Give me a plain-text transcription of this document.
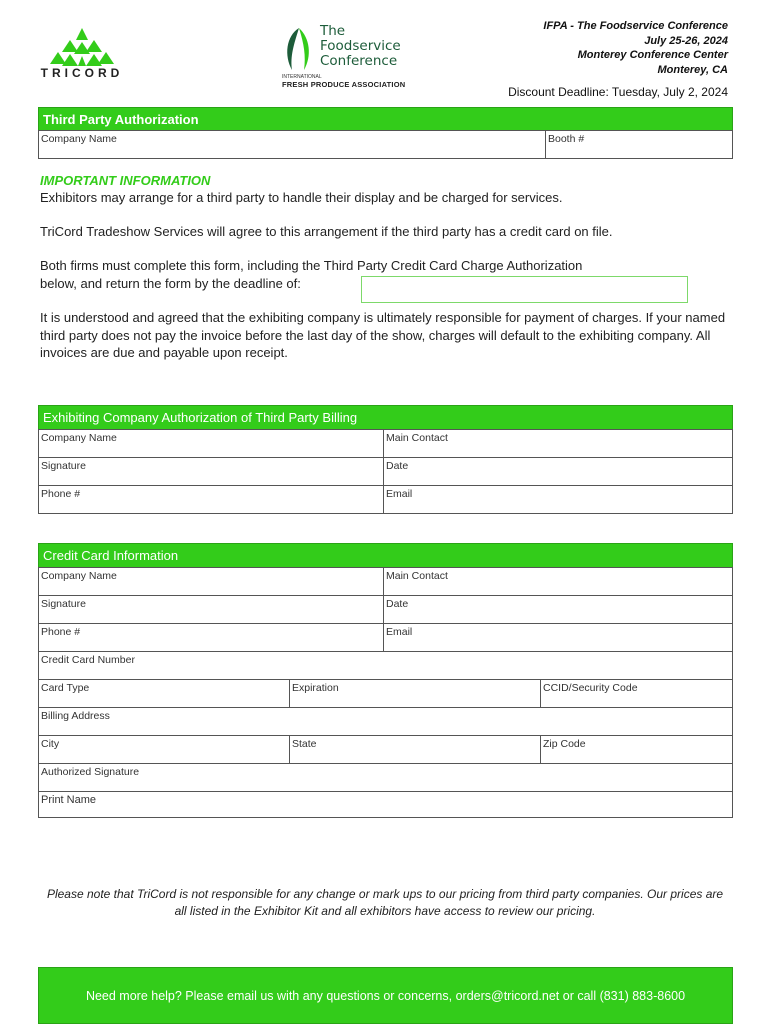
TRICORD
The
Foodservice
Conference
INTERNATIONAL
FRESH PRODUCE ASSOCIATION
IFPA - The Foodservice Conference
July 25-26, 2024
Monterey Conference Center
Monterey, CA
Discount Deadline: Tuesday, July 2, 2024
Third Party Authorization
Company Name	Booth #
IMPORTANT INFORMATION
Exhibitors may arrange for a third party to handle their display and be charged for services.
TriCord Tradeshow Services will agree to this arrangement if the third party has a credit card on file.
Both firms must complete this form, including the Third Party Credit Card Charge Authorization
below, and return the form by the deadline of:
It is understood and agreed that the exhibiting company is ultimately responsible for payment of charges. If your named third party does not pay the invoice before the last day of the show, charges will default to the exhibiting company. All invoices are due and payable upon receipt.
Exhibiting Company Authorization of Third Party Billing
Company Name	Main Contact
Signature	Date
Phone #	Email
Credit Card Information
Company Name	Main Contact
Signature	Date
Phone #	Email
Credit Card Number
Card Type	Expiration	CCID/Security Code
Billing Address
City	State	Zip Code
Authorized Signature
Print Name
Please note that TriCord is not responsible for any change or mark ups to our pricing from third party companies. Our prices are all listed in the Exhibitor Kit and all exhibitors have access to review our pricing.
Need more help? Please email us with any questions or concerns, orders@tricord.net or call (831) 883-8600
